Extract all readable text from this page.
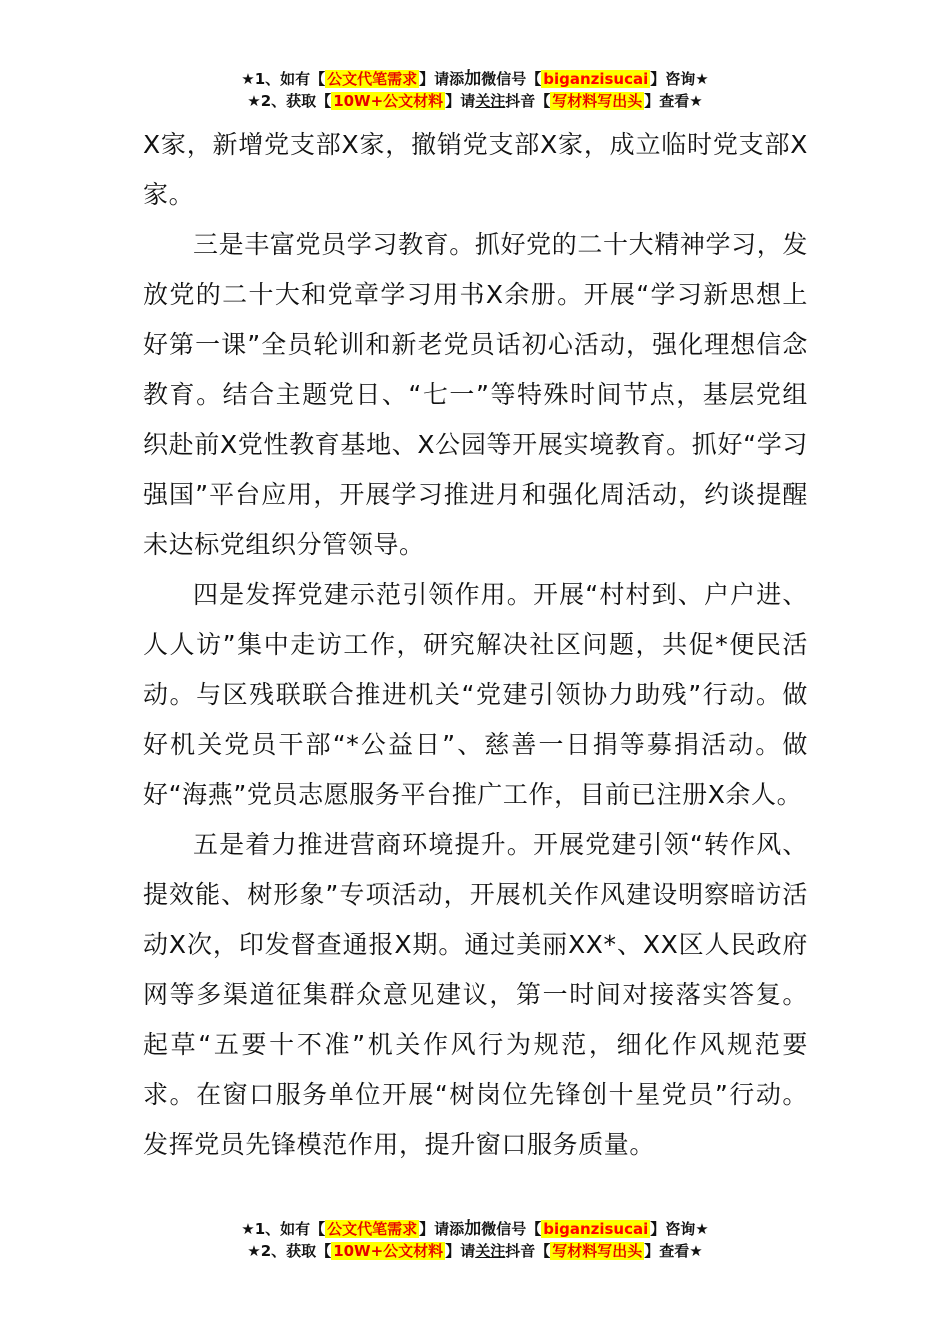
★1、如有【 公文代笔需求 】请添加微信号【 biganzisucai 】咨询★
★2、获取【 10W+公文材料 】请关注抖音【 写材料写出头 】查看★

X家，新增党支部X家，撤销党支部X家，成立临时党支部X家。

三是丰富党员学习教育。抓好党的二十大精神学习，发放党的二十大和党章学习用书X余册。开展“学习新思想上好第一课”全员轮训和新老党员话初心活动，强化理想信念教育。结合主题党日、“七一”等特殊时间节点，基层党组织赴前X党性教育基地、X公园等开展实境教育。抓好“学习强国”平台应用，开展学习推进月和强化周活动，约谈提醒未达标党组织分管领导。

四是发挥党建示范引领作用。开展“村村到、户户进、人人访”集中走访工作，研究解决社区问题，共促*便民活动。与区残联联合推进机关“党建引领协力助残”行动。做好机关党员干部“*公益日”、慈善一日捐等募捐活动。做好“海燕”党员志愿服务平台推广工作，目前已注册X余人。

五是着力推进营商环境提升。开展党建引领“转作风、提效能、树形象”专项活动，开展机关作风建设明察暗访活动X次，印发督查通报X期。通过美丽XX*、XX区人民政府网等多渠道征集群众意见建议，第一时间对接落实答复。起草“五要十不准”机关作风行为规范，细化作风规范要求。在窗口服务单位开展“树岗位先锋创十星党员”行动。发挥党员先锋模范作用，提升窗口服务质量。

★1、如有【 公文代笔需求 】请添加微信号【 biganzisucai 】咨询★
★2、获取【 10W+公文材料 】请关注抖音【 写材料写出头 】查看★
